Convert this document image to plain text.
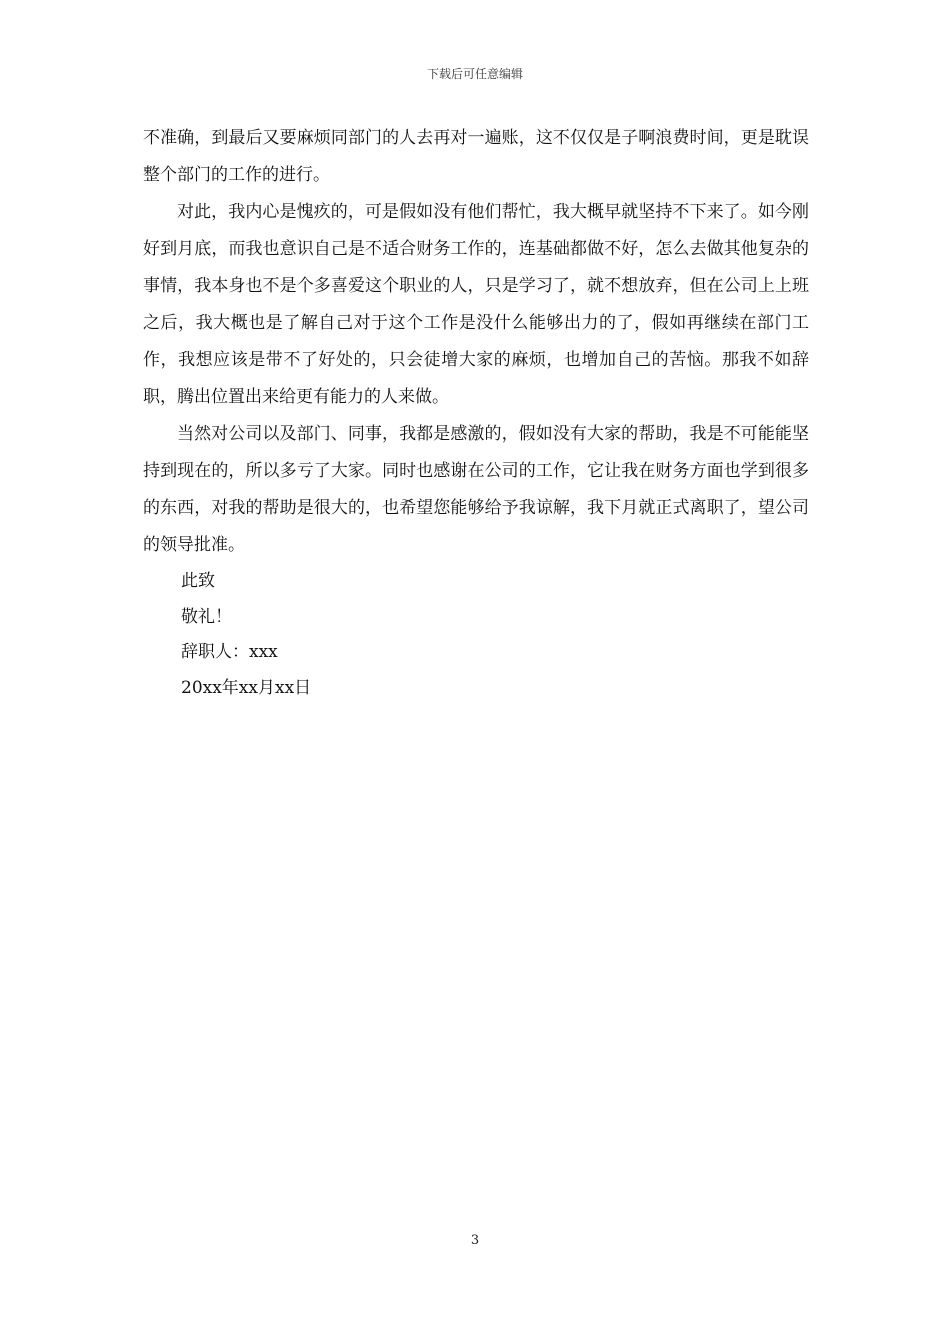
下载后可任意编辑

不准确，到最后又要麻烦同部门的人去再对一遍账，这不仅仅是子啊浪费时间，更是耽误整个部门的工作的进行。

对此，我内心是愧疚的，可是假如没有他们帮忙，我大概早就坚持不下来了。如今刚好到月底，而我也意识自己是不适合财务工作的，连基础都做不好，怎么去做其他复杂的事情，我本身也不是个多喜爱这个职业的人，只是学习了，就不想放弃，但在公司上上班之后，我大概也是了解自己对于这个工作是没什么能够出力的了，假如再继续在部门工作，我想应该是带不了好处的，只会徒增大家的麻烦，也增加自己的苦恼。那我不如辞职，腾出位置出来给更有能力的人来做。

当然对公司以及部门、同事，我都是感激的，假如没有大家的帮助，我是不可能能坚持到现在的，所以多亏了大家。同时也感谢在公司的工作，它让我在财务方面也学到很多的东西，对我的帮助是很大的，也希望您能够给予我谅解，我下月就正式离职了，望公司的领导批准。

此致

敬礼！

辞职人：xxx

20xx年xx月xx日

3
